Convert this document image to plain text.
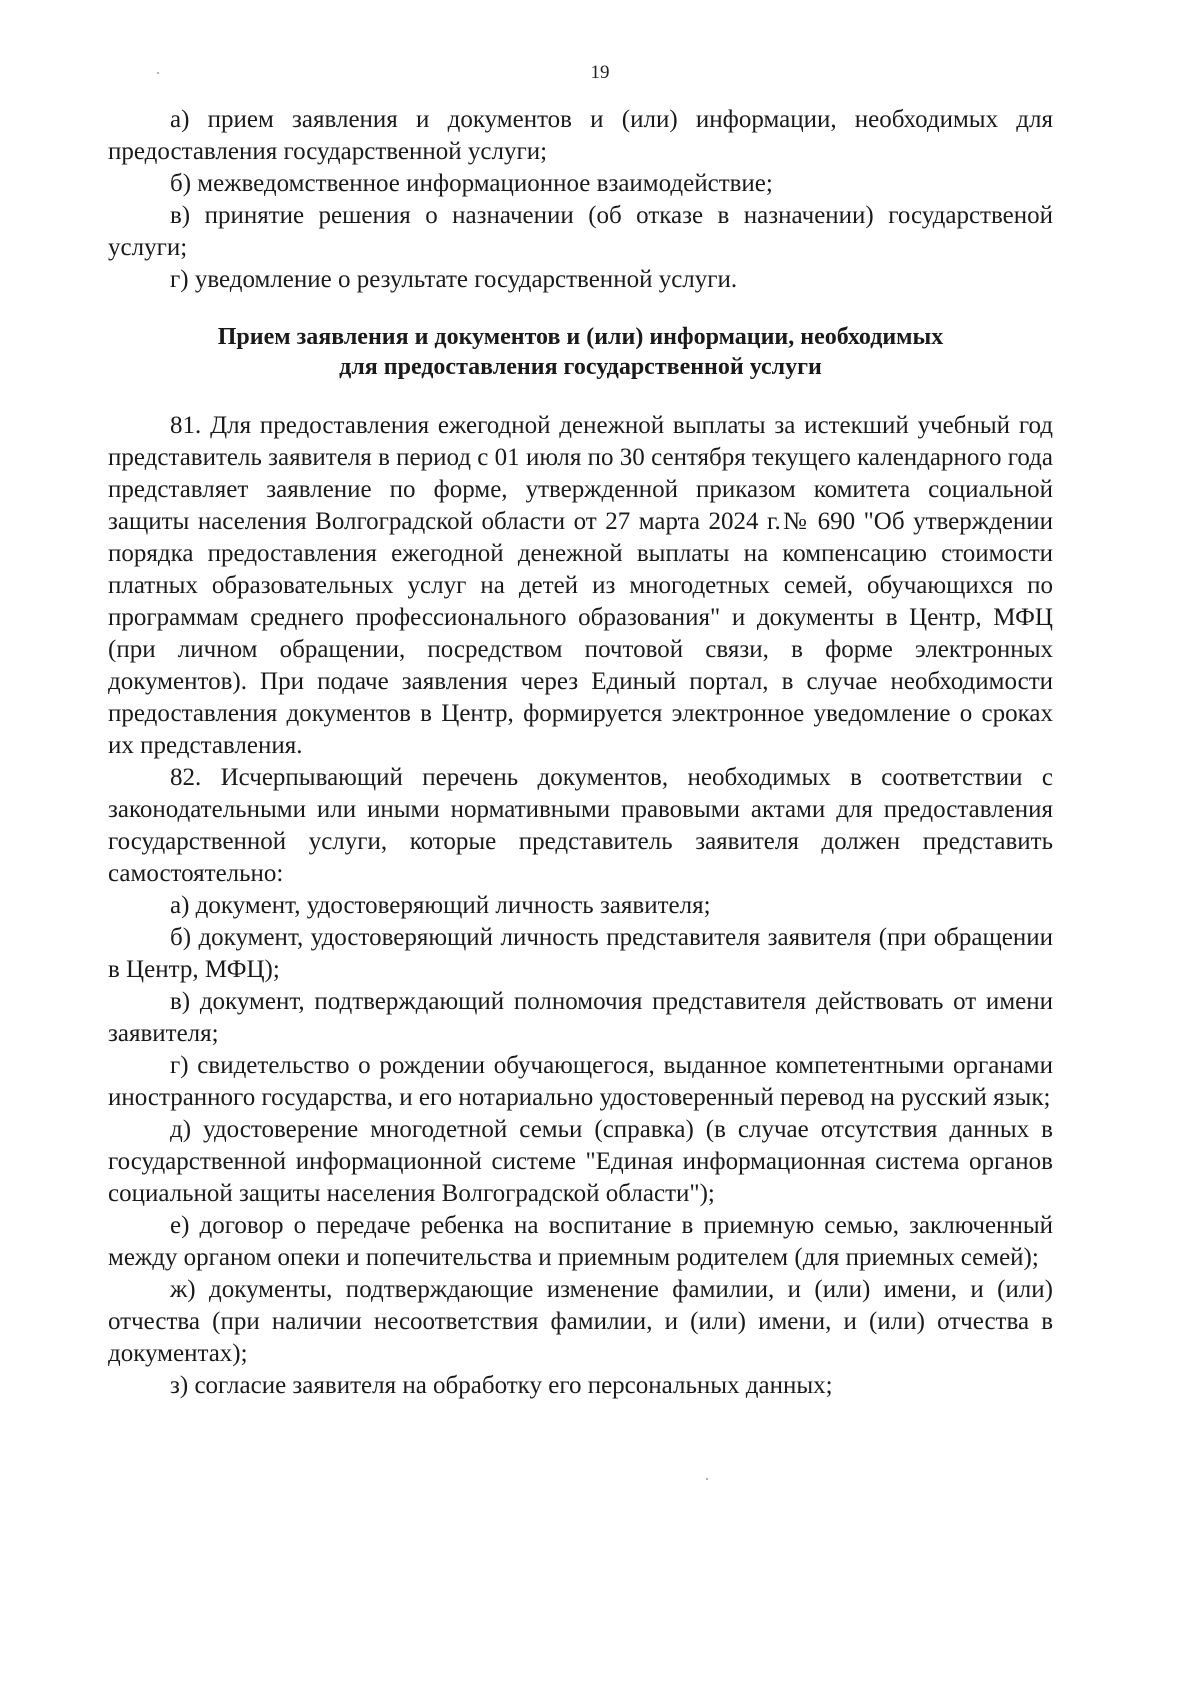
19

а) прием заявления и документов и (или) информации, необходимых для предоставления государственной услуги;

б) межведомственное информационное взаимодействие;

в) принятие решения о назначении (об отказе в назначении) государственой услуги;

г) уведомление о результате государственной услуги.

Прием заявления и документов и (или) информации, необходимых
для предоставления государственной услуги

81. Для предоставления ежегодной денежной выплаты за истекший учебный год представитель заявителя в период с 01 июля по 30 сентября текущего календарного года представляет заявление по форме, утвержденной приказом комитета социальной защиты населения Волгоградской области от 27 марта 2024 г.№ 690 "Об утверждении порядка предоставления ежегодной денежной выплаты на компенсацию стоимости платных образовательных услуг на детей из многодетных семей, обучающихся по программам среднего профессионального образования" и документы в Центр, МФЦ (при личном обращении, посредством почтовой связи, в форме электронных документов). При подаче заявления через Единый портал, в случае необходимости предоставления документов в Центр, формируется электронное уведомление о сроках их представления.

82. Исчерпывающий перечень документов, необходимых в соответствии с законодательными или иными нормативными правовыми актами для предоставления государственной услуги, которые представитель заявителя должен представить самостоятельно:

а) документ, удостоверяющий личность заявителя;

б) документ, удостоверяющий личность представителя заявителя (при обращении в Центр, МФЦ);

в) документ, подтверждающий полномочия представителя действовать от имени заявителя;

г) свидетельство о рождении обучающегося, выданное компетентными органами иностранного государства, и его нотариально удостоверенный перевод на русский язык;

д) удостоверение многодетной семьи (справка) (в случае отсутствия данных в государственной информационной системе "Единая информационная система органов социальной защиты населения Волгоградской области");

е) договор о передаче ребенка на воспитание в приемную семью, заключенный между органом опеки и попечительства и приемным родителем (для приемных семей);

ж) документы, подтверждающие изменение фамилии, и (или) имени, и (или) отчества (при наличии несоответствия фамилии, и (или) имени, и (или) отчества в документах);

з) согласие заявителя на обработку его персональных данных;
